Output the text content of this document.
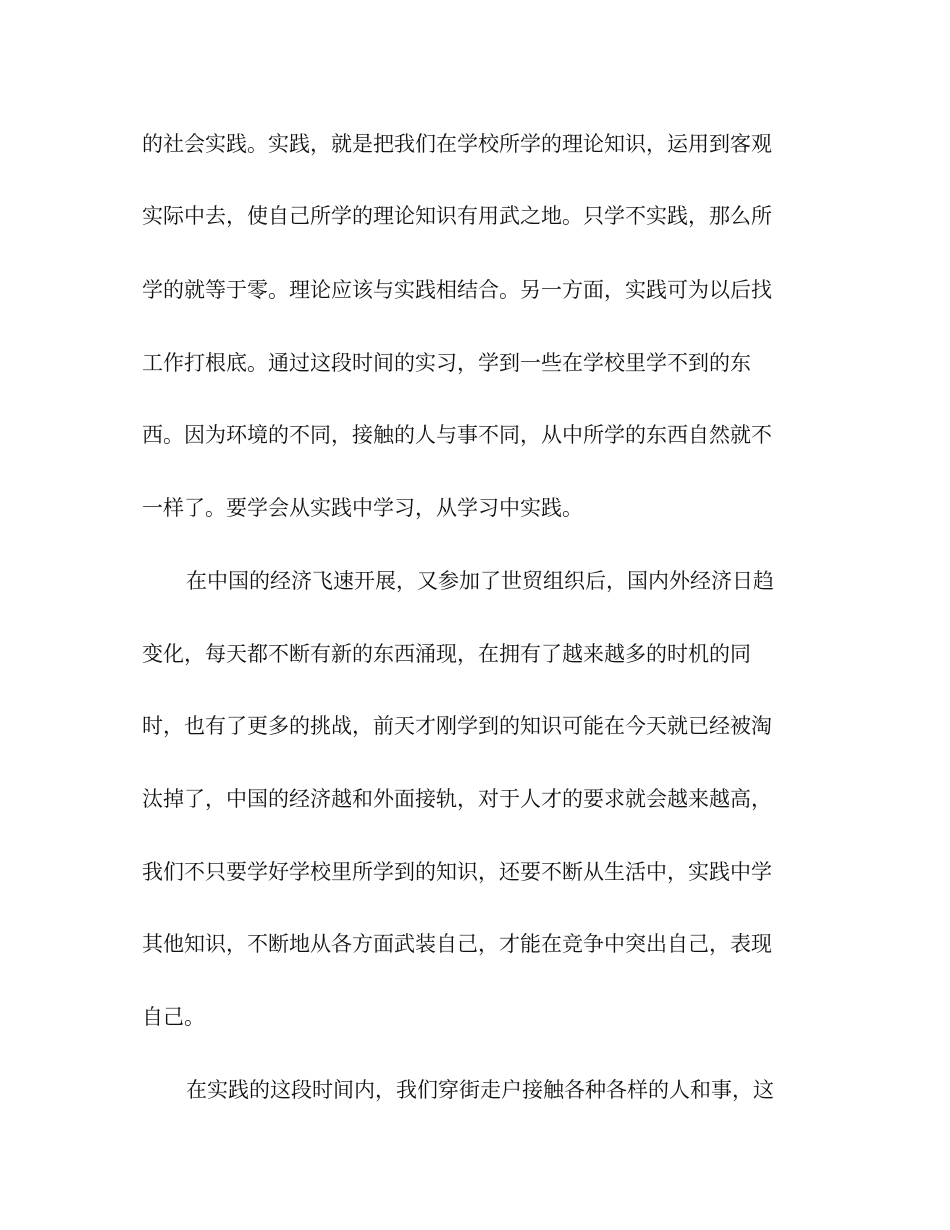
的社会实践。实践，就是把我们在学校所学的理论知识，运用到客观

实际中去，使自己所学的理论知识有用武之地。只学不实践，那么所

学的就等于零。理论应该与实践相结合。另一方面，实践可为以后找

工作打根底。通过这段时间的实习，学到一些在学校里学不到的东

西。因为环境的不同，接触的人与事不同，从中所学的东西自然就不

一样了。要学会从实践中学习，从学习中实践。

在中国的经济飞速开展，又参加了世贸组织后，国内外经济日趋

变化，每天都不断有新的东西涌现，在拥有了越来越多的时机的同

时，也有了更多的挑战，前天才刚学到的知识可能在今天就已经被淘

汰掉了，中国的经济越和外面接轨，对于人才的要求就会越来越高，

我们不只要学好学校里所学到的知识，还要不断从生活中，实践中学

其他知识，不断地从各方面武装自己，才能在竞争中突出自己，表现

自己。

在实践的这段时间内，我们穿街走户接触各种各样的人和事，这
